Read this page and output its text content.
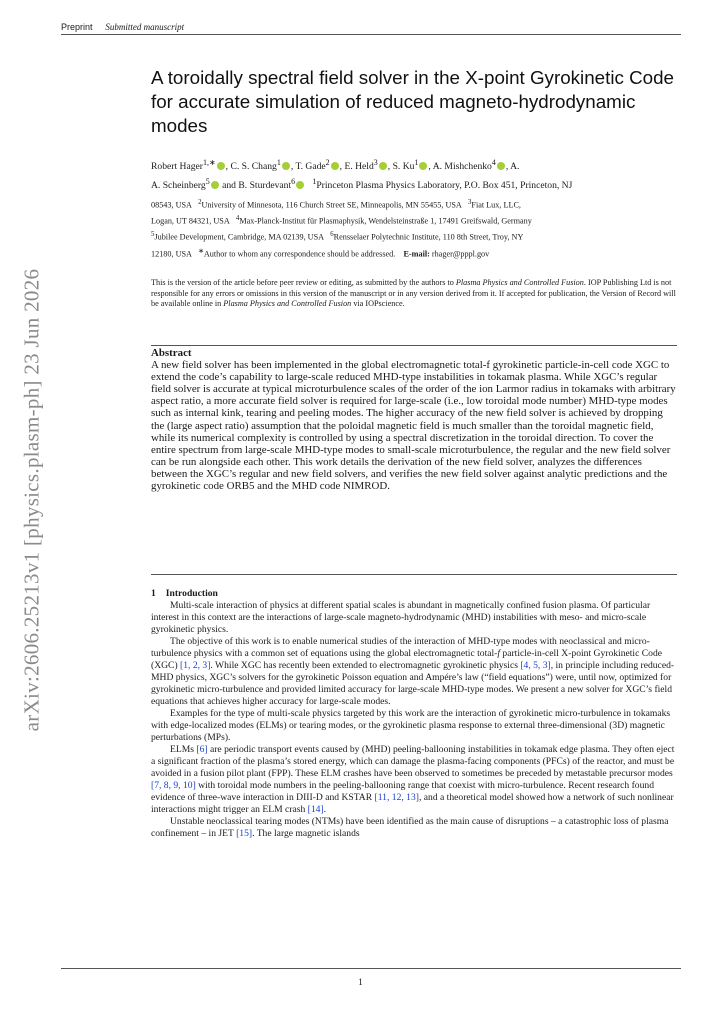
Preprint Submitted manuscript
arXiv:2606.25213v1 [physics.plasm-ph] 23 Jun 2026
A toroidally spectral field solver in the X-point Gyrokinetic Code for accurate simulation of reduced magneto-hydrodynamic modes
Robert Hager$^{1,∗}$ , C. S. Chang$^1$ , T. Gade$^2$ , E. Held$^3$ , S. Ku$^1$ , A. Mishchenko$^4$ , A.
A. Scheinberg$^5$ and B. Sturdevant$^6$ $^1$Princeton Plasma Physics Laboratory, P.O. Box 451, Princeton, NJ
08543, USA $^2$University of Minnesota, 116 Church Street SE, Minneapolis, MN 55455, USA $^3$Fiat Lux, LLC,
Logan, UT 84321, USA $^4$Max-Planck-Institut für Plasmaphysik, Wendelsteinstraße 1, 17491 Greifswald, Germany
$^5$Jubilee Development, Cambridge, MA 02139, USA $^6$Rensselaer Polytechnic Institute, 110 8th Street, Troy, NY
12180, USA ∗Author to whom any correspondence should be addressed. E-mail: rhager@pppl.gov
This is the version of the article before peer review or editing, as submitted by the authors to Plasma Physics and Controlled Fusion. IOP Publishing Ltd is not responsible for any errors or omissions in this version of the manuscript or in any version derived from it. If accepted for publication, the Version of Record will be available online in Plasma Physics and Controlled Fusion via IOPscience.
Abstract
A new field solver has been implemented in the global electromagnetic total-f gyrokinetic particle-in-cell code XGC to extend the code’s capability to large-scale reduced MHD-type instabilities in tokamak plasma. While XGC’s regular field solver is accurate at typical microturbulence scales of the order of the ion Larmor radius in tokamaks with arbitrary aspect ratio, a more accurate field solver is required for large-scale (i.e., low toroidal mode number) MHD-type modes such as internal kink, tearing and peeling modes. The higher accuracy of the new field solver is achieved by dropping the (large aspect ratio) assumption that the poloidal magnetic field is much smaller than the toroidal magnetic field, while its numerical complexity is controlled by using a spectral discretization in the toroidal direction. To cover the entire spectrum from large-scale MHD-type modes to small-scale microturbulence, the regular and the new field solver can be run alongside each other. This work details the derivation of the new field solver, analyzes the differences between the XGC’s regular and new field solvers, and verifies the new field solver against analytic predictions and the gyrokinetic code ORB5 and the MHD code NIMROD.
1 Introduction

Multi-scale interaction of physics at different spatial scales is abundant in magnetically confined fusion plasma. Of particular interest in this context are the interactions of large-scale magneto-hydrodynamic (MHD) instabilities with meso- and micro-scale gyrokinetic physics.

The objective of this work is to enable numerical studies of the interaction of MHD-type modes with neoclassical and micro-turbulence physics with a common set of equations using the global electromagnetic total-f particle-in-cell X-point Gyrokinetic Code (XGC) [1, 2, 3]. While XGC has recently been extended to electromagnetic gyrokinetic physics [4, 5, 3], in principle including reduced-MHD physics, XGC’s solvers for the gyrokinetic Poisson equation and Ampére’s law (“field equations”) were, until now, optimized for gyrokinetic micro-turbulence and provided limited accuracy for large-scale MHD-type modes. We present a new solver for XGC’s field equations that achieves higher accuracy for large-scale modes.

Examples for the type of multi-scale physics targeted by this work are the interaction of gyrokinetic micro-turbulence in tokamaks with edge-localized modes (ELMs) or tearing modes, or the gyrokinetic plasma response to external three-dimensional (3D) magnetic perturbations (MPs).

ELMs [6] are periodic transport events caused by (MHD) peeling-ballooning instabilities in tokamak edge plasma. They often eject a significant fraction of the plasma’s stored energy, which can damage the plasma-facing components (PFCs) of the reactor, and must be avoided in a fusion pilot plant (FPP). These ELM crashes have been observed to sometimes be preceded by metastable precursor modes [7, 8, 9, 10] with toroidal mode numbers in the peeling-ballooning range that coexist with micro-turbulence. Recent research found evidence of three-wave interaction in DIII-D and KSTAR [11, 12, 13], and a theoretical model showed how a network of such nonlinear interactions might trigger an ELM crash [14].

Unstable neoclassical tearing modes (NTMs) have been identified as the main cause of disruptions – a catastrophic loss of plasma confinement – in JET [15]. The large magnetic islands

1
